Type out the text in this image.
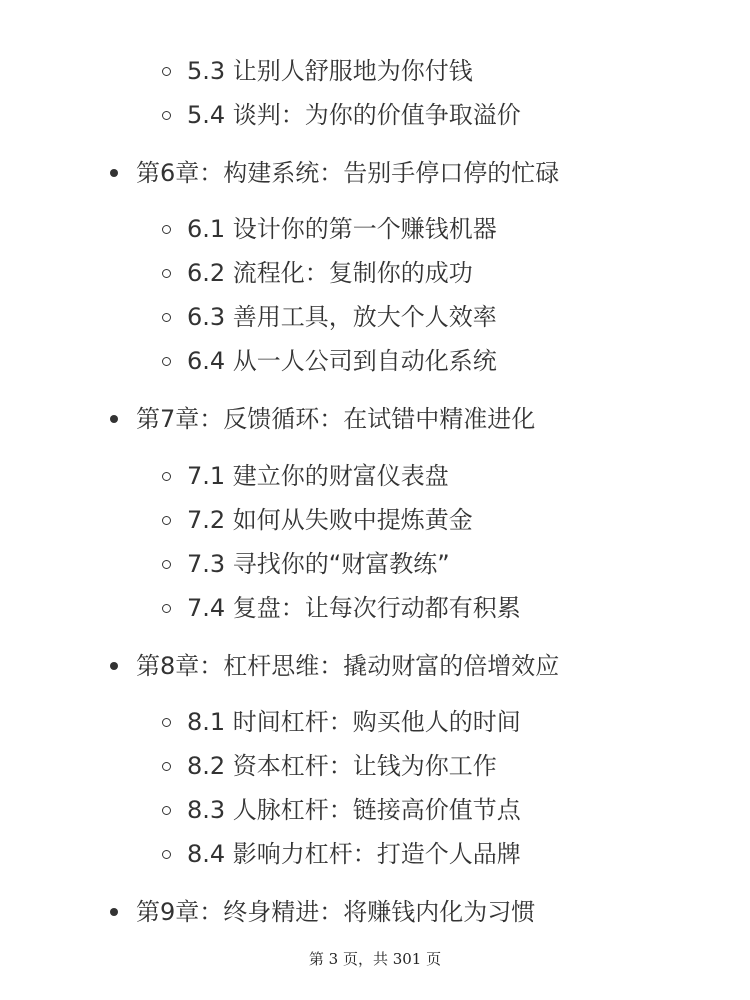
5.3 让别人舒服地为你付钱
5.4 谈判：为你的价值争取溢价
第6章：构建系统：告别手停口停的忙碌
6.1 设计你的第一个赚钱机器
6.2 流程化：复制你的成功
6.3 善用工具，放大个人效率
6.4 从一人公司到自动化系统
第7章：反馈循环：在试错中精准进化
7.1 建立你的财富仪表盘
7.2 如何从失败中提炼黄金
7.3 寻找你的“财富教练”
7.4 复盘：让每次行动都有积累
第8章：杠杆思维：撬动财富的倍增效应
8.1 时间杠杆：购买他人的时间
8.2 资本杠杆：让钱为你工作
8.3 人脉杠杆：链接高价值节点
8.4 影响力杠杆：打造个人品牌
第9章：终身精进：将赚钱内化为习惯
第 3 页，共 301 页
